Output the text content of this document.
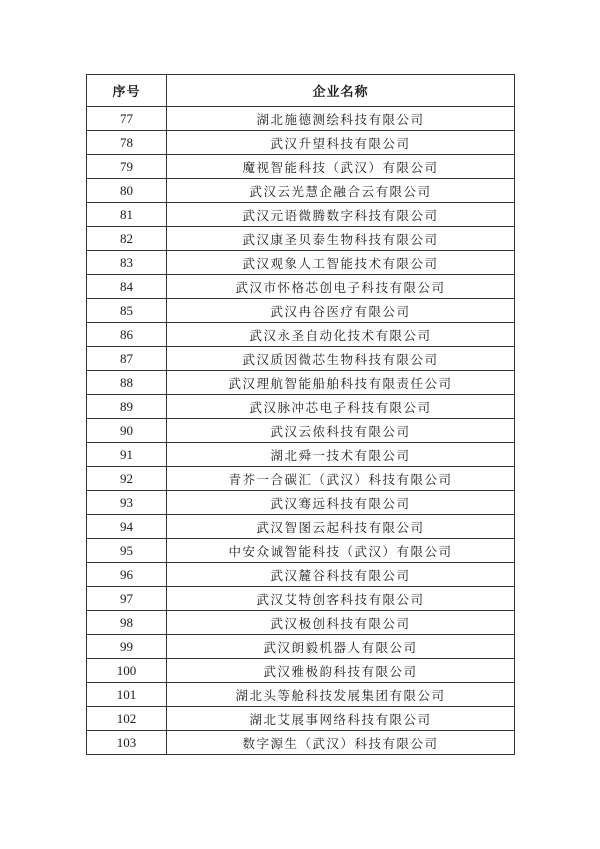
序号	企业名称
77	湖北施德测绘科技有限公司
78	武汉升望科技有限公司
79	魔视智能科技（武汉）有限公司
80	武汉云光慧企融合云有限公司
81	武汉元语微腾数字科技有限公司
82	武汉康圣贝泰生物科技有限公司
83	武汉观象人工智能技术有限公司
84	武汉市怀格芯创电子科技有限公司
85	武汉冉谷医疗有限公司
86	武汉永圣自动化技术有限公司
87	武汉质因微芯生物科技有限公司
88	武汉理航智能船舶科技有限责任公司
89	武汉脉冲芯电子科技有限公司
90	武汉云侬科技有限公司
91	湖北舜一技术有限公司
92	青芥一合碳汇（武汉）科技有限公司
93	武汉骞远科技有限公司
94	武汉智图云起科技有限公司
95	中安众诚智能科技（武汉）有限公司
96	武汉麓谷科技有限公司
97	武汉艾特创客科技有限公司
98	武汉极创科技有限公司
99	武汉朗毅机器人有限公司
100	武汉雅极韵科技有限公司
101	湖北头等舱科技发展集团有限公司
102	湖北艾展事网络科技有限公司
103	数字源生（武汉）科技有限公司
